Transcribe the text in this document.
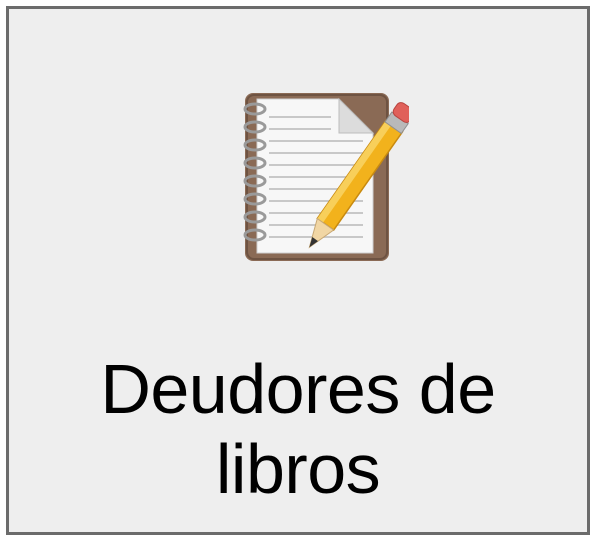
Deudores de
libros
